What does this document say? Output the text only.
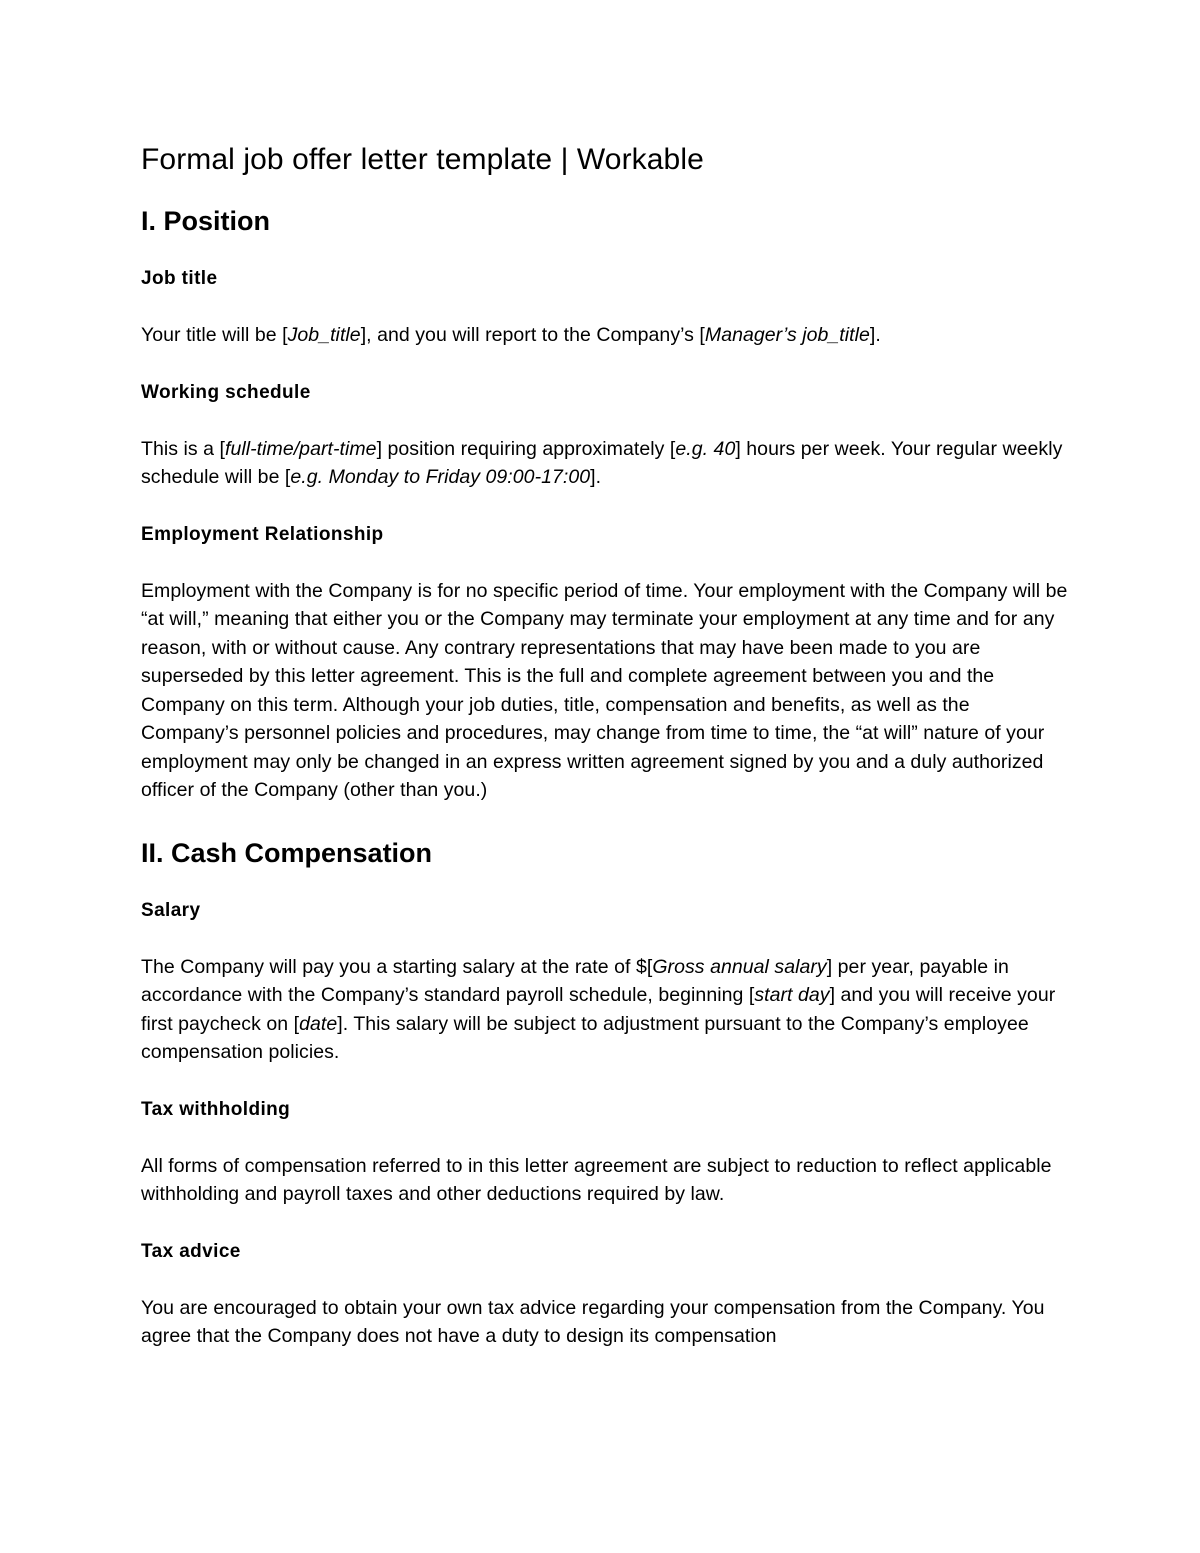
Formal job offer letter template | Workable
I. Position
Job title
Your title will be [Job_title], and you will report to the Company’s [Manager’s job_title].
Working schedule
This is a [full-time/part-time] position requiring approximately [e.g. 40] hours per week. Your regular weekly schedule will be [e.g. Monday to Friday 09:00-17:00].
Employment Relationship
Employment with the Company is for no specific period of time. Your employment with the Company will be “at will,” meaning that either you or the Company may terminate your employment at any time and for any reason, with or without cause. Any contrary representations that may have been made to you are superseded by this letter agreement. This is the full and complete agreement between you and the Company on this term. Although your job duties, title, compensation and benefits, as well as the Company’s personnel policies and procedures, may change from time to time, the “at will” nature of your employment may only be changed in an express written agreement signed by you and a duly authorized officer of the Company (other than you.)
II. Cash Compensation
Salary
The Company will pay you a starting salary at the rate of $[Gross annual salary] per year, payable in accordance with the Company’s standard payroll schedule, beginning [start day] and you will receive your first paycheck on [date]. This salary will be subject to adjustment pursuant to the Company’s employee compensation policies.
Tax withholding
All forms of compensation referred to in this letter agreement are subject to reduction to reflect applicable withholding and payroll taxes and other deductions required by law.
Tax advice
You are encouraged to obtain your own tax advice regarding your compensation from the Company. You agree that the Company does not have a duty to design its compensation
